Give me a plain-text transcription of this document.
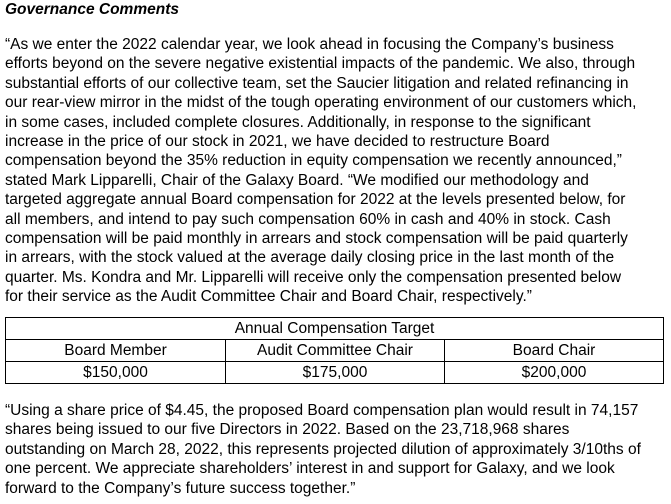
Governance Comments
“As we enter the 2022 calendar year, we look ahead in focusing the Company’s business
efforts beyond on the severe negative existential impacts of the pandemic. We also, through
substantial efforts of our collective team, set the Saucier litigation and related refinancing in
our rear-view mirror in the midst of the tough operating environment of our customers which,
in some cases, included complete closures. Additionally, in response to the significant
increase in the price of our stock in 2021, we have decided to restructure Board
compensation beyond the 35% reduction in equity compensation we recently announced,”
stated Mark Lipparelli, Chair of the Galaxy Board. “We modified our methodology and
targeted aggregate annual Board compensation for 2022 at the levels presented below, for
all members, and intend to pay such compensation 60% in cash and 40% in stock. Cash
compensation will be paid monthly in arrears and stock compensation will be paid quarterly
in arrears, with the stock valued at the average daily closing price in the last month of the
quarter. Ms. Kondra and Mr. Lipparelli will receive only the compensation presented below
for their service as the Audit Committee Chair and Board Chair, respectively.”
Annual Compensation Target		
Board Member	Audit Committee Chair	Board Chair
$150,000	$175,000	$200,000
“Using a share price of $4.45, the proposed Board compensation plan would result in 74,157
shares being issued to our five Directors in 2022. Based on the 23,718,968 shares
outstanding on March 28, 2022, this represents projected dilution of approximately 3/10ths of
one percent. We appreciate shareholders’ interest in and support for Galaxy, and we look
forward to the Company’s future success together.”
